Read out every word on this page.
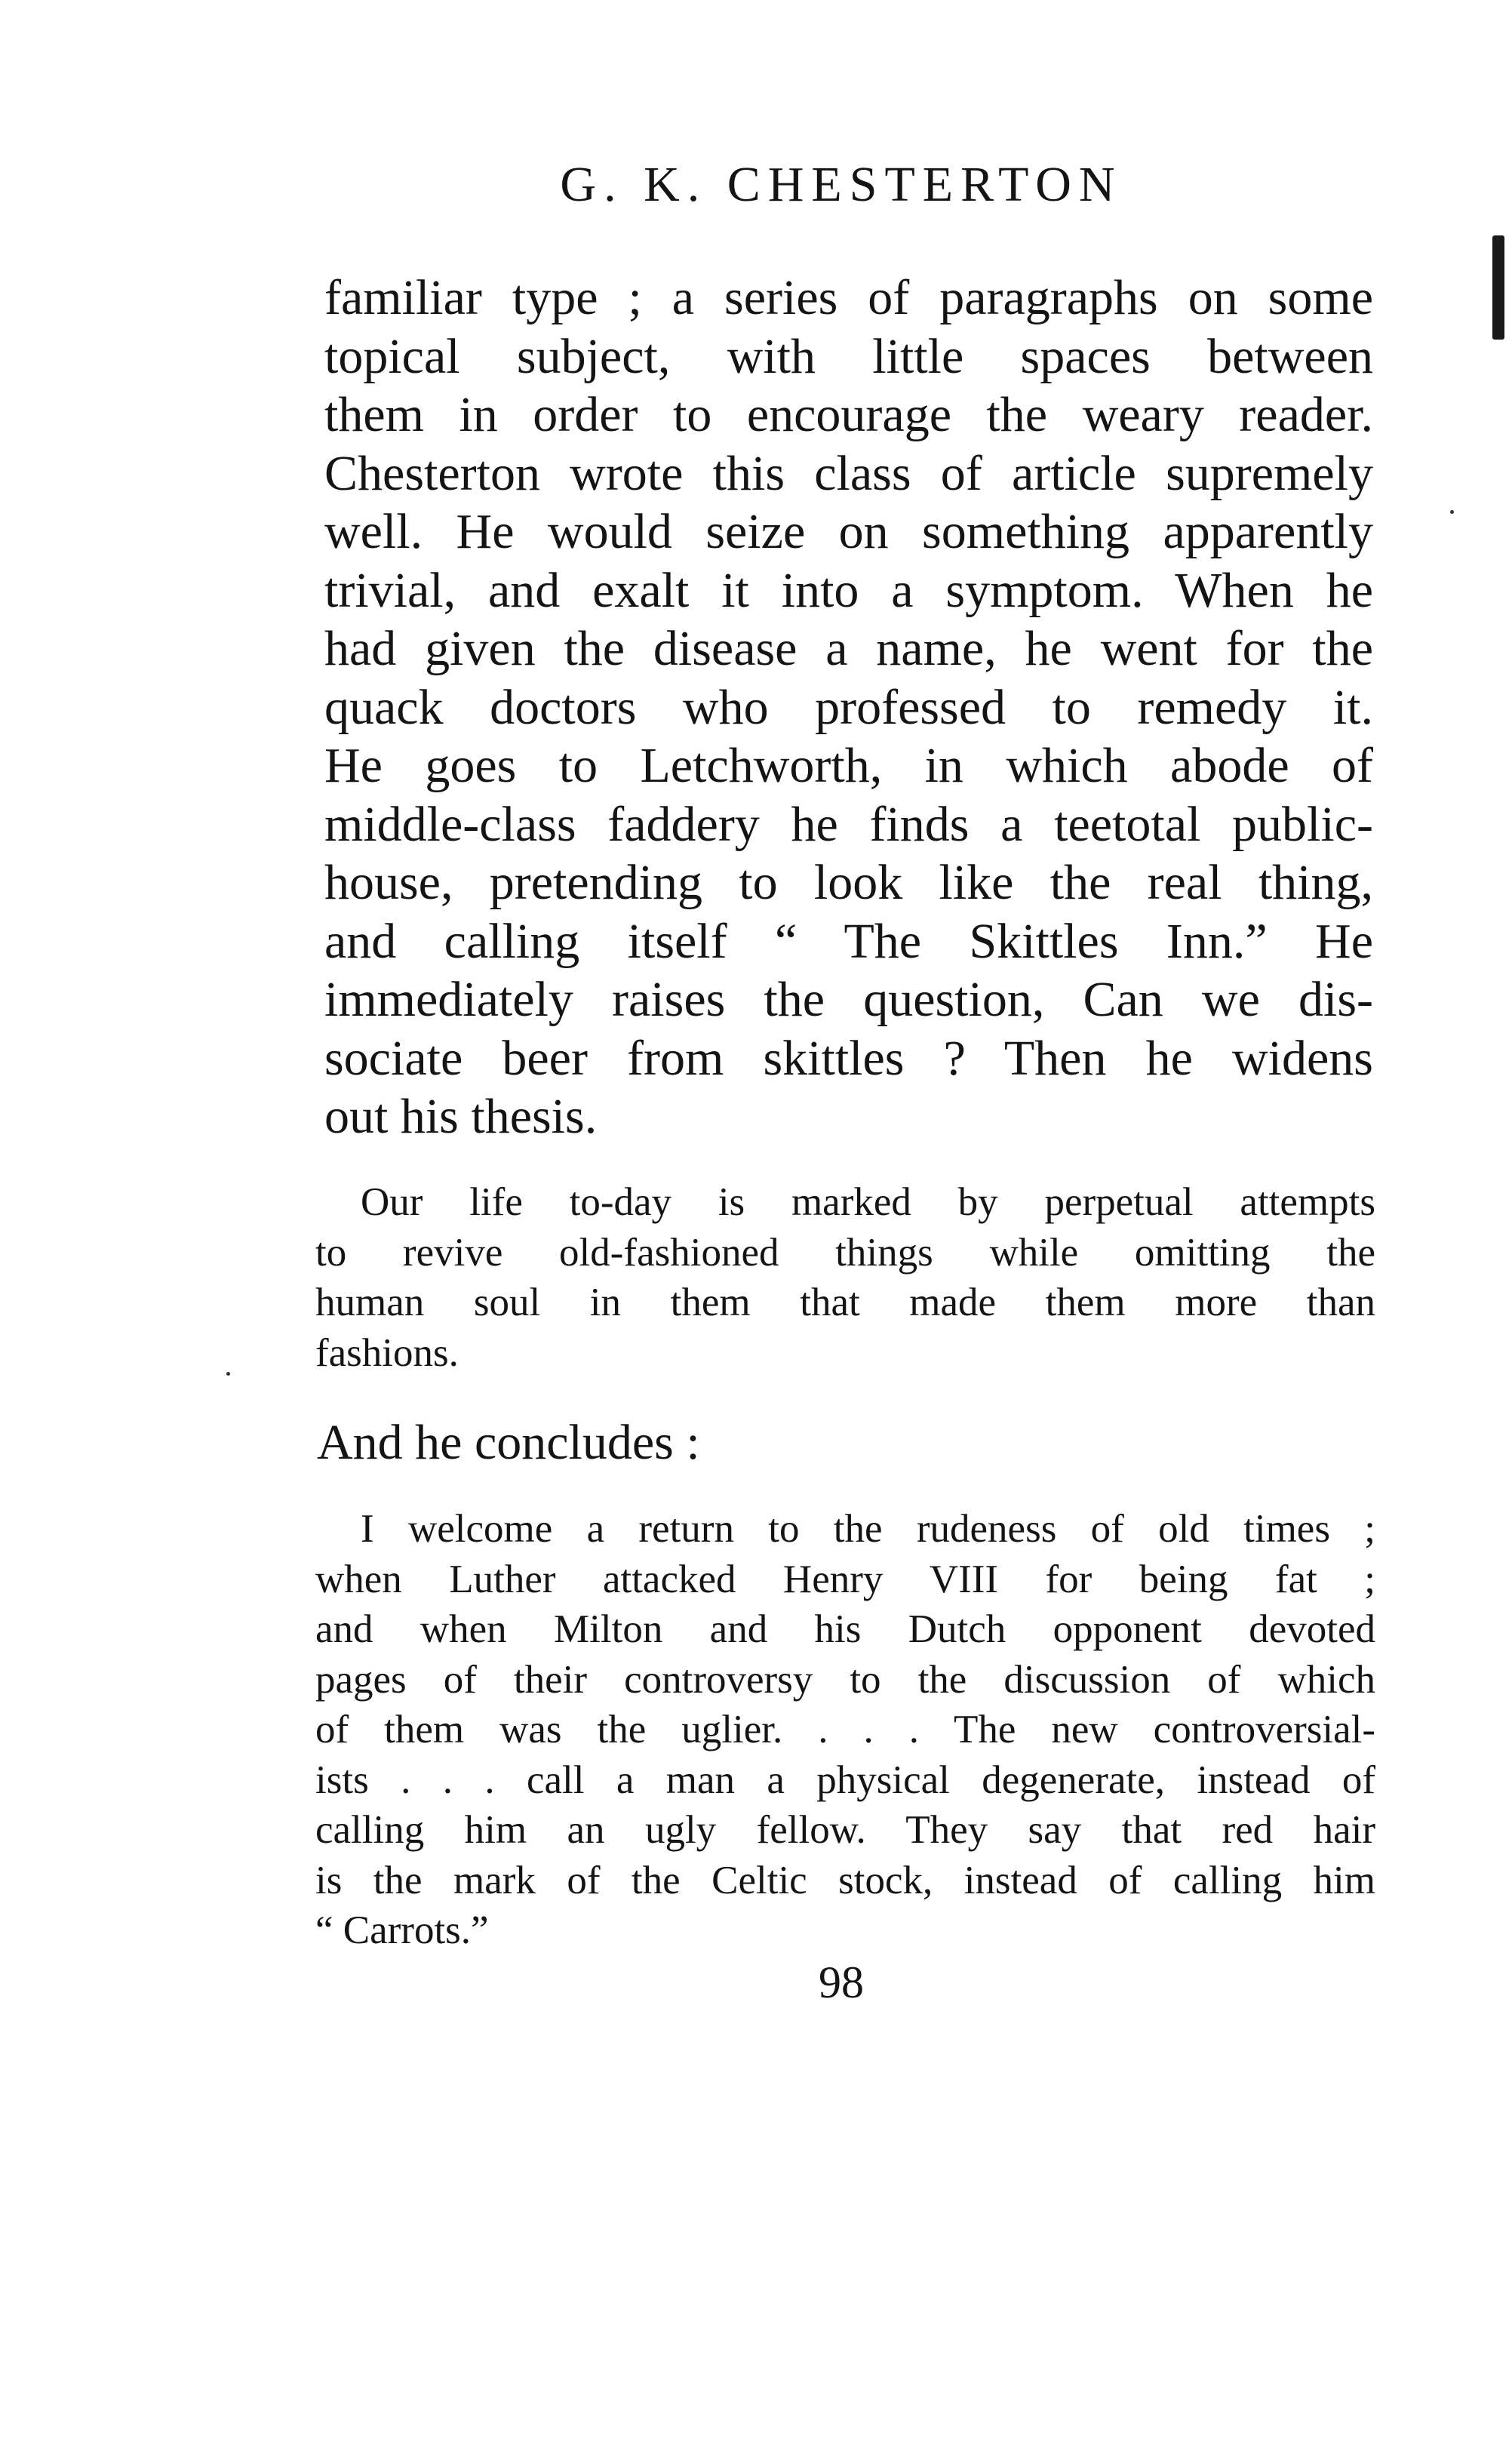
G. K. CHESTERTON
familiar type ; a series of paragraphs on some
topical subject, with little spaces between
them in order to encourage the weary reader.
Chesterton wrote this class of article supremely
well. He would seize on something apparently
trivial, and exalt it into a symptom. When he
had given the disease a name, he went for the
quack doctors who professed to remedy it.
He goes to Letchworth, in which abode of
middle-class faddery he finds a teetotal public-
house, pretending to look like the real thing,
and calling itself “ The Skittles Inn.” He
immediately raises the question, Can we dis-
sociate beer from skittles ? Then he widens
out his thesis.
Our life to-day is marked by perpetual attempts
to revive old-fashioned things while omitting the
human soul in them that made them more than
fashions.
And he concludes :
I welcome a return to the rudeness of old times ;
when Luther attacked Henry VIII for being fat ;
and when Milton and his Dutch opponent devoted
pages of their controversy to the discussion of which
of them was the uglier. . . . The new controversial-
ists . . . call a man a physical degenerate, instead of
calling him an ugly fellow. They say that red hair
is the mark of the Celtic stock, instead of calling him
“ Carrots.”
98
